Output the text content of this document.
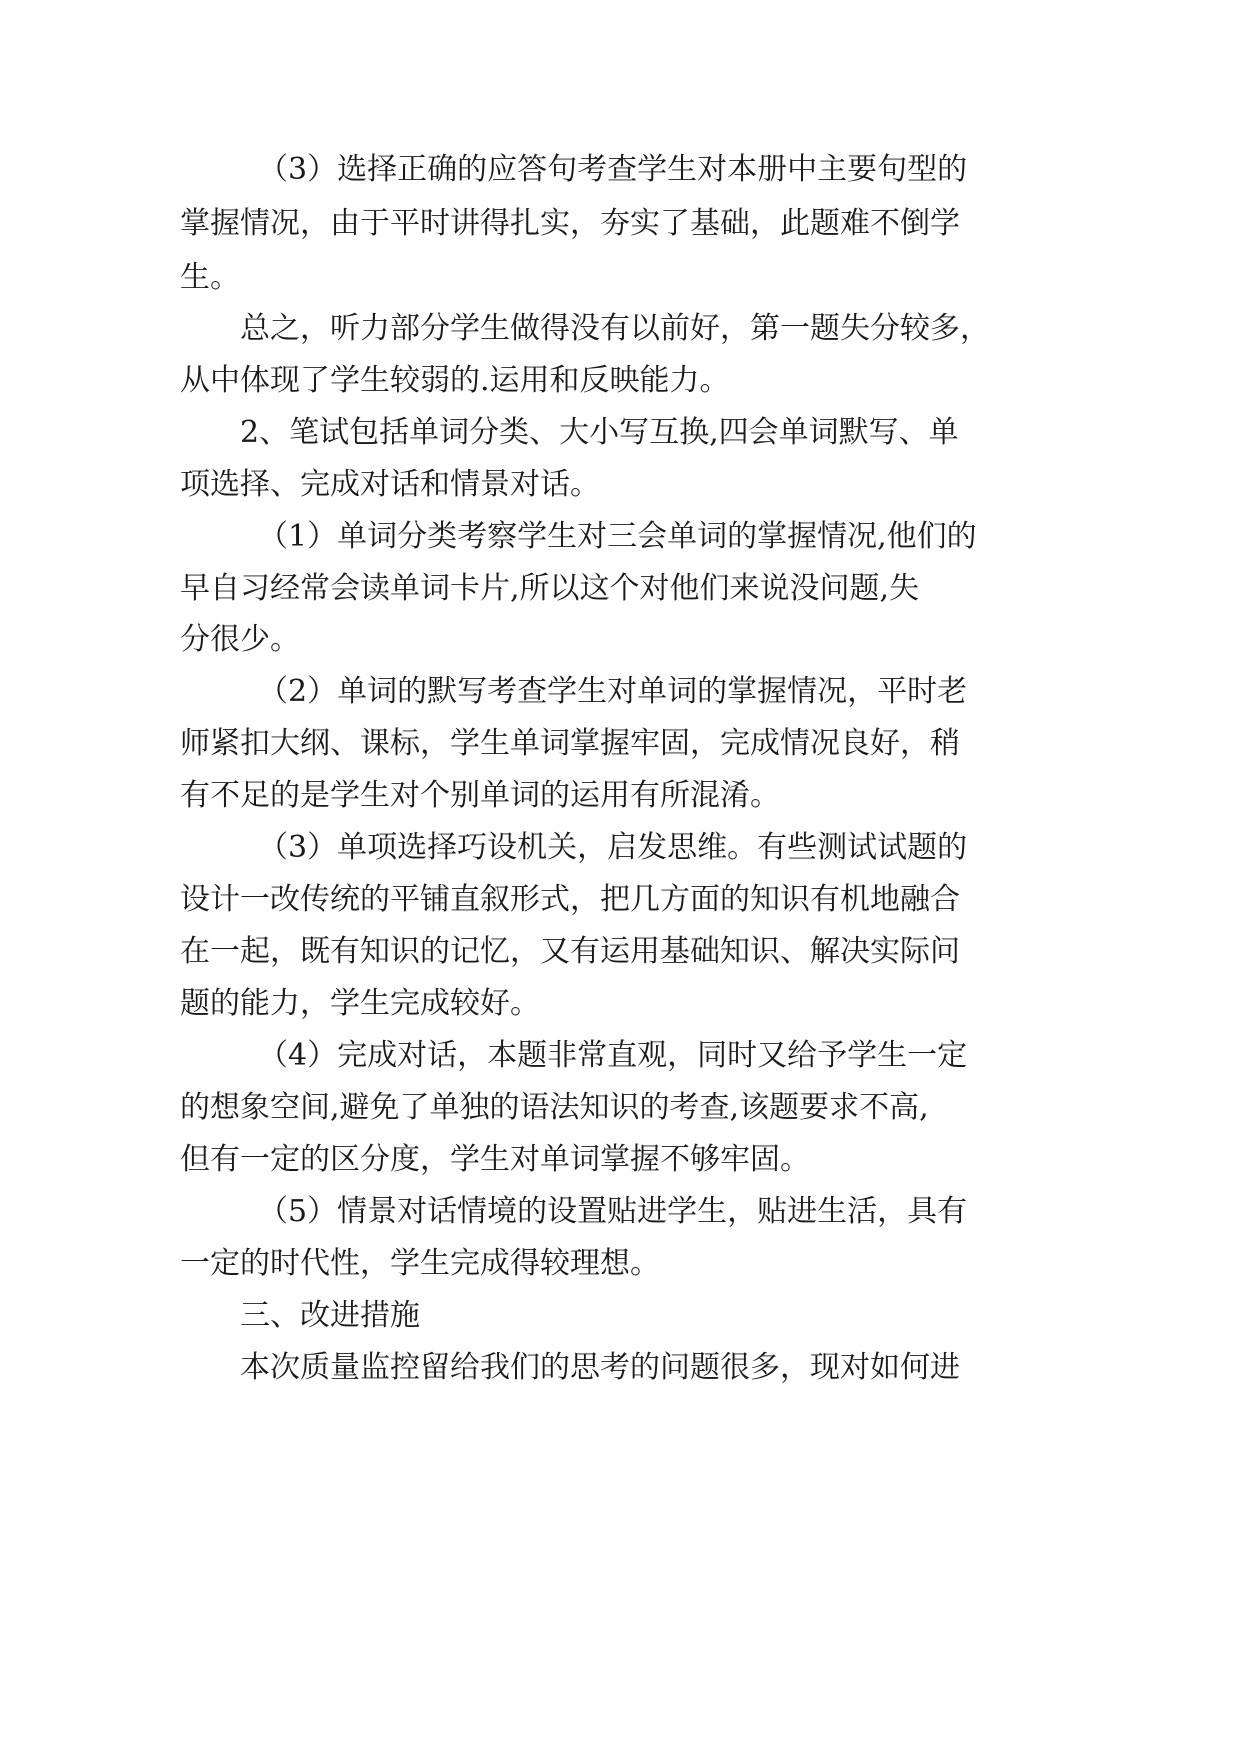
（3）选择正确的应答句考查学生对本册中主要句型的
掌握情况，由于平时讲得扎实，夯实了基础，此题难不倒学
生。
总之，听力部分学生做得没有以前好，第一题失分较多，
从中体现了学生较弱的.运用和反映能力。
2、笔试包括单词分类、大小写互换,四会单词默写、单
项选择、完成对话和情景对话。
（1）单词分类考察学生对三会单词的掌握情况,他们的
早自习经常会读单词卡片,所以这个对他们来说没问题,失
分很少。
（2）单词的默写考查学生对单词的掌握情况，平时老
师紧扣大纲、课标，学生单词掌握牢固，完成情况良好，稍
有不足的是学生对个别单词的运用有所混淆。
（3）单项选择巧设机关，启发思维。有些测试试题的
设计一改传统的平铺直叙形式，把几方面的知识有机地融合
在一起，既有知识的记忆，又有运用基础知识、解决实际问
题的能力，学生完成较好。
（4）完成对话，本题非常直观，同时又给予学生一定
的想象空间,避免了单独的语法知识的考查,该题要求不高,
但有一定的区分度，学生对单词掌握不够牢固。
（5）情景对话情境的设置贴进学生，贴进生活，具有
一定的时代性，学生完成得较理想。
三、改进措施
本次质量监控留给我们的思考的问题很多，现对如何进
